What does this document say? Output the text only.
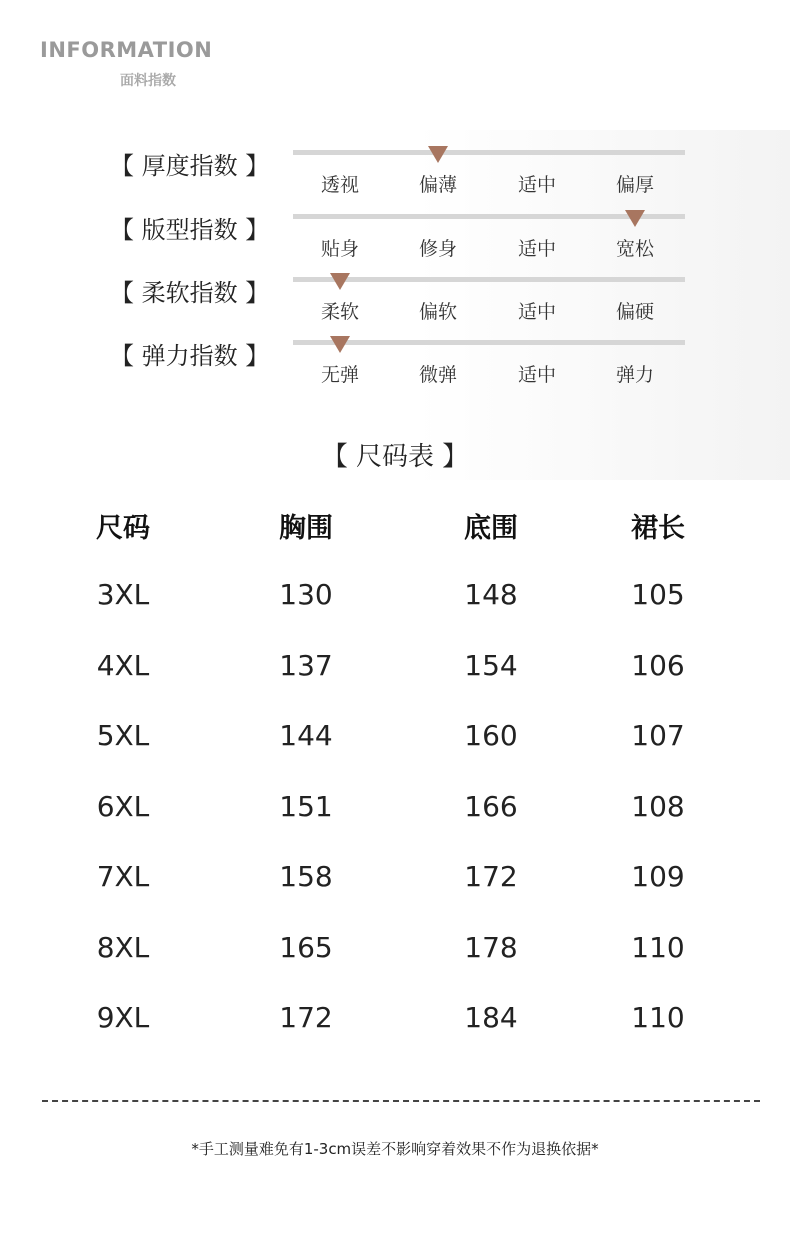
INFORMATION
面料指数
【 厚度指数 】
透视	偏薄	适中	偏厚
【 版型指数 】
贴身	修身	适中	宽松
【 柔软指数 】
柔软	偏软	适中	偏硬
【 弹力指数 】
无弹	微弹	适中	弹力
【 尺码表 】
尺码	胸围	底围	裙长
3XL	130	148	105
4XL	137	154	106
5XL	144	160	107
6XL	151	166	108
7XL	158	172	109
8XL	165	178	110
9XL	172	184	110
*手工测量难免有1-3cm误差不影响穿着效果不作为退换依据*
